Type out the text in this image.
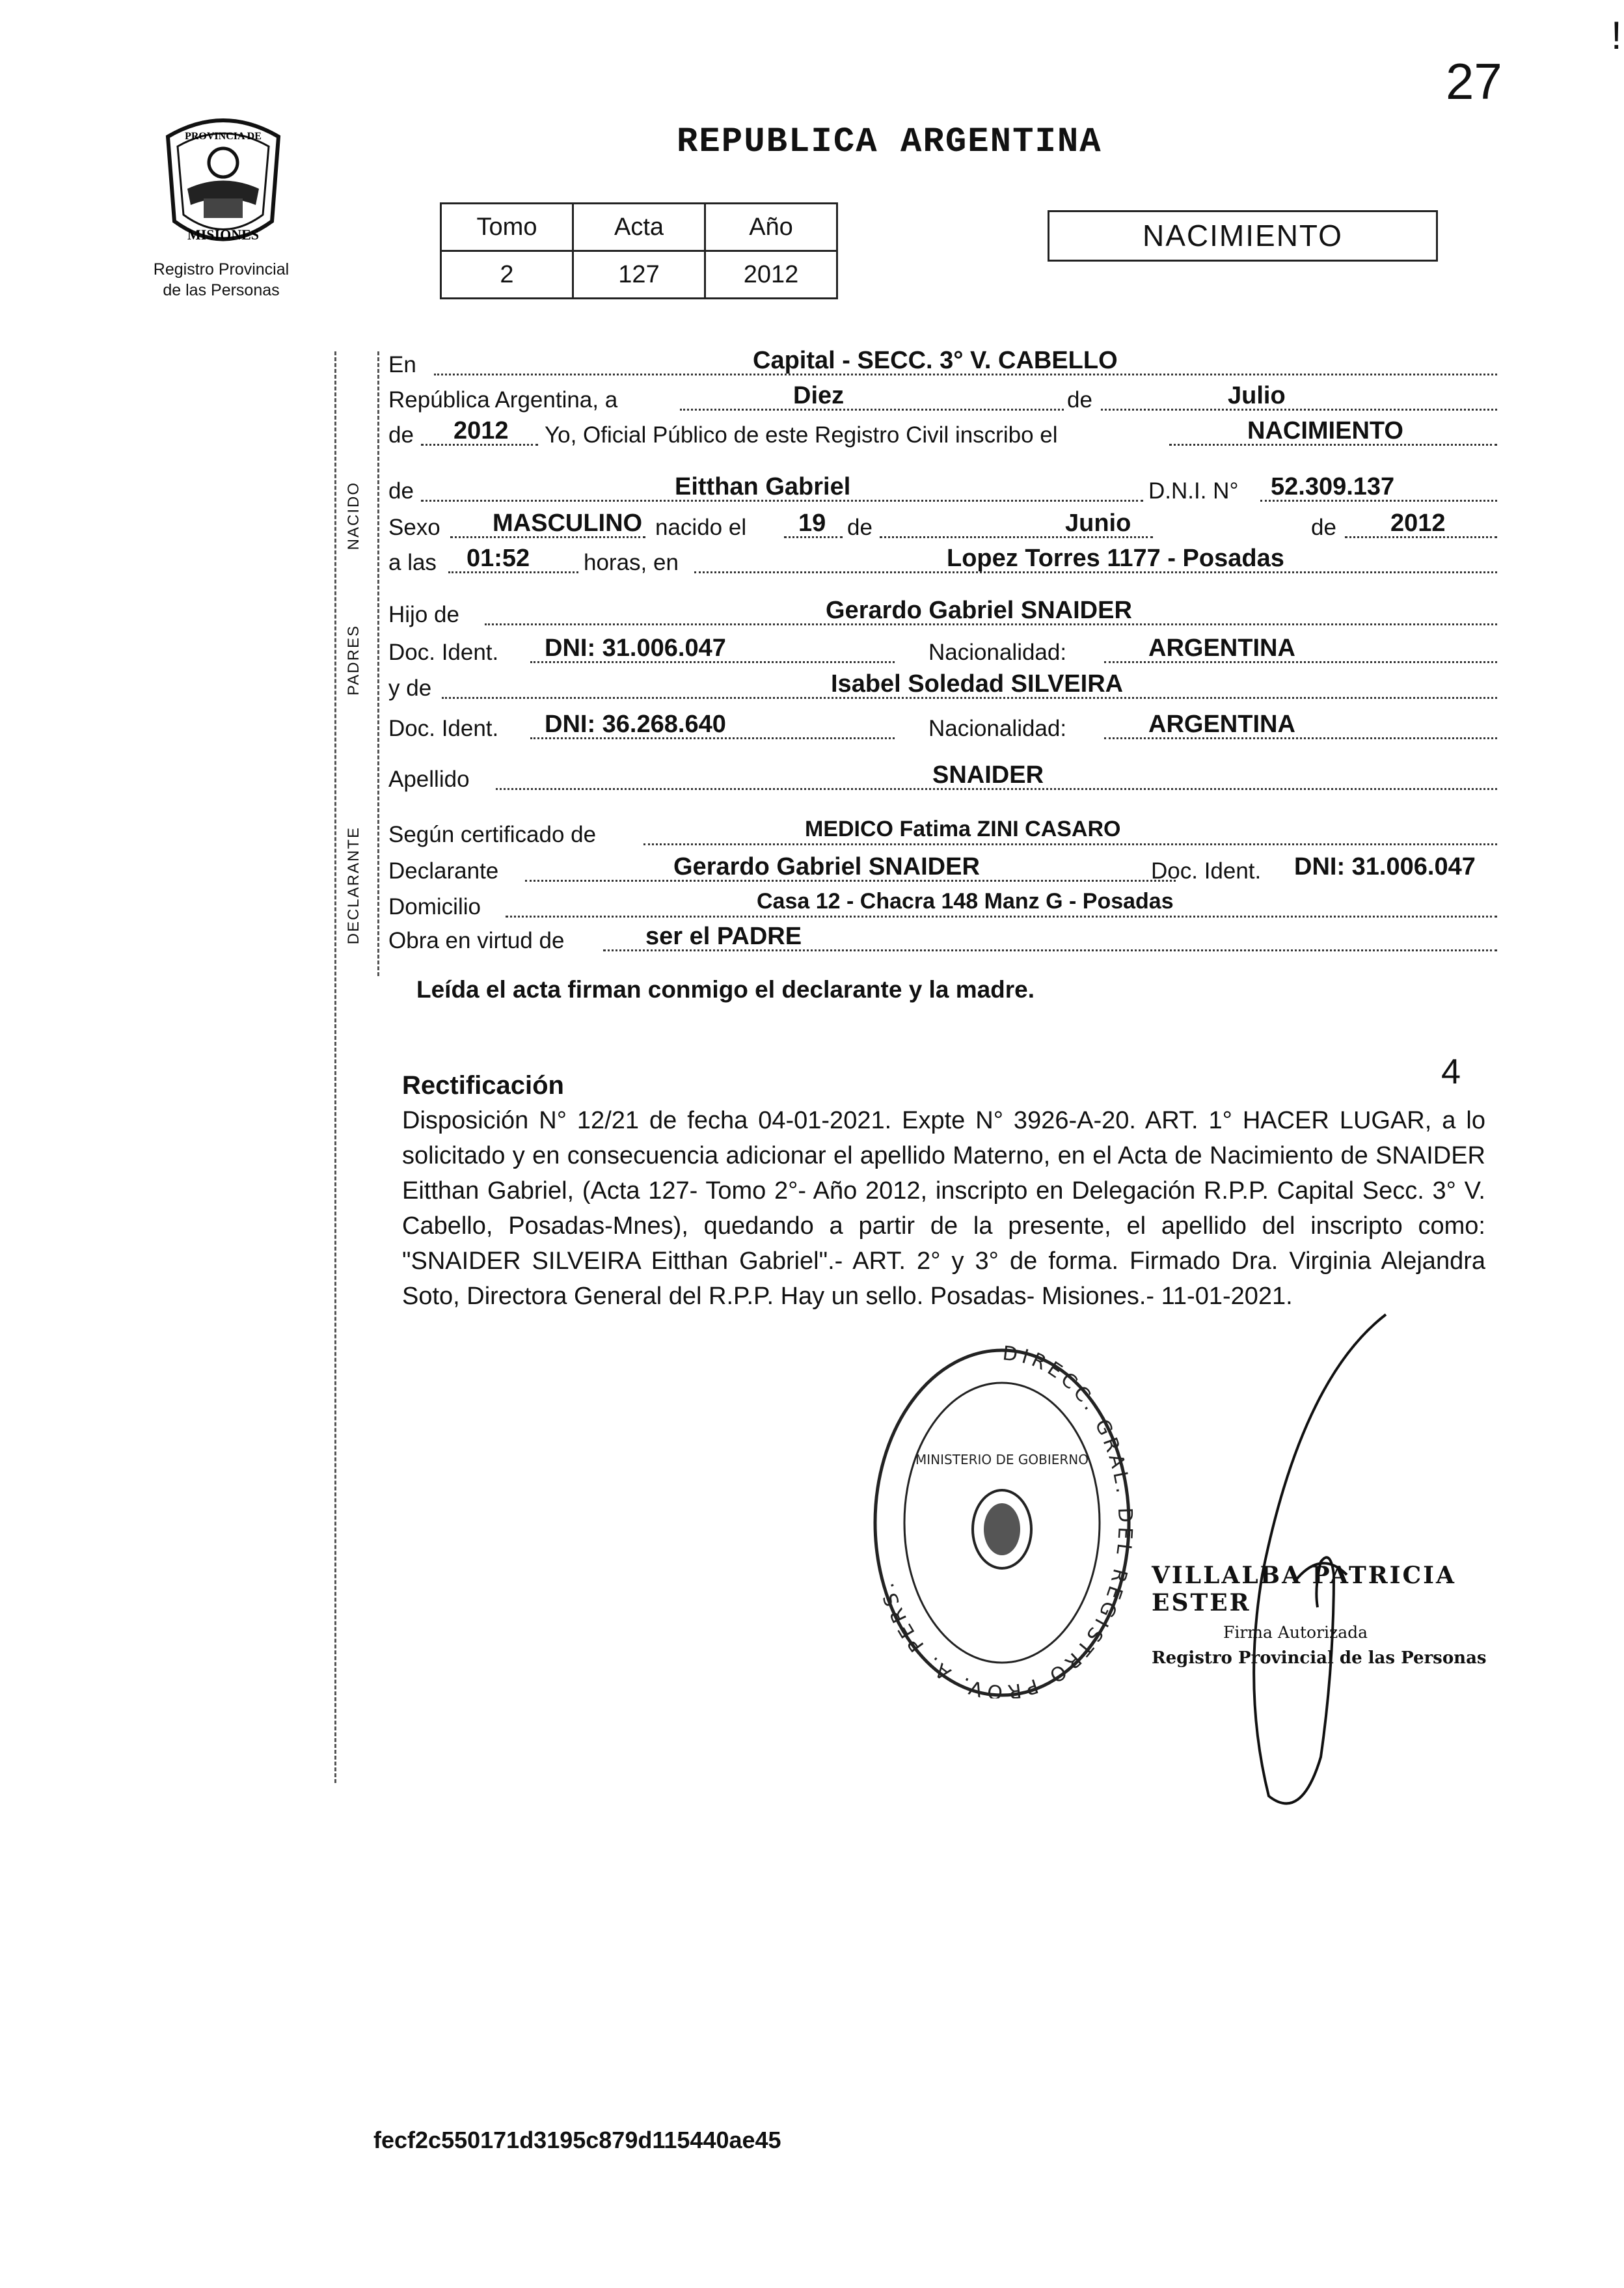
27
!
PROVINCIA DE
MISIONES
Registro Provincial
de las Personas
REPUBLICA ARGENTINA
Tomo	Acta	Año
2	127	2012
NACIMIENTO
NACIDO
PADRES
DECLARANTE
En	Capital - SECC. 3° V. CABELLO
República Argentina, a	Diez	de	Julio
de 2012 Yo, Oficial Público de este Registro Civil inscribo el	NACIMIENTO
de	Eitthan Gabriel	D.N.I. N° 52.309.137
Sexo MASCULINO nacido el 19 de	Junio	de 2012
a las 01:52 horas, en	Lopez Torres 1177 - Posadas
Hijo de	Gerardo Gabriel SNAIDER
Doc. Ident. DNI: 31.006.047	Nacionalidad:	ARGENTINA
y de	Isabel Soledad SILVEIRA
Doc. Ident. DNI: 36.268.640	Nacionalidad:	ARGENTINA
Apellido	SNAIDER
Según certificado de	MEDICO Fatima ZINI CASARO
Declarante	Gerardo Gabriel SNAIDER	Doc. Ident. DNI: 31.006.047
Domicilio	Casa 12 - Chacra 148 Manz G - Posadas
Obra en virtud de	ser el PADRE
Leída el acta firman conmigo el declarante y la madre.
Rectificación	4
Disposición N° 12/21 de fecha 04-01-2021. Expte N° 3926-A-20. ART. 1° HACER LUGAR, a lo solicitado y en consecuencia adicionar el apellido Materno, en el Acta de Nacimiento de SNAIDER Eitthan Gabriel, (Acta 127- Tomo 2°- Año 2012, inscripto en Delegación R.P.P. Capital Secc. 3° V. Cabello, Posadas-Mnes), quedando a partir de la presente, el apellido del inscripto como: "SNAIDER SILVEIRA Eitthan Gabriel".- ART. 2° y 3° de forma. Firmado Dra. Virginia Alejandra Soto, Directora General del R.P.P. Hay un sello. Posadas- Misiones.- 11-01-2021.
DIRECC. GRAL. DEL REGISTRO PROV. A. PERS.
MINISTERIO DE GOBIERNO
VILLALBA PATRICIA ESTER
Firma Autorizada
Registro Provincial de las Personas
fecf2c550171d3195c879d115440ae45
